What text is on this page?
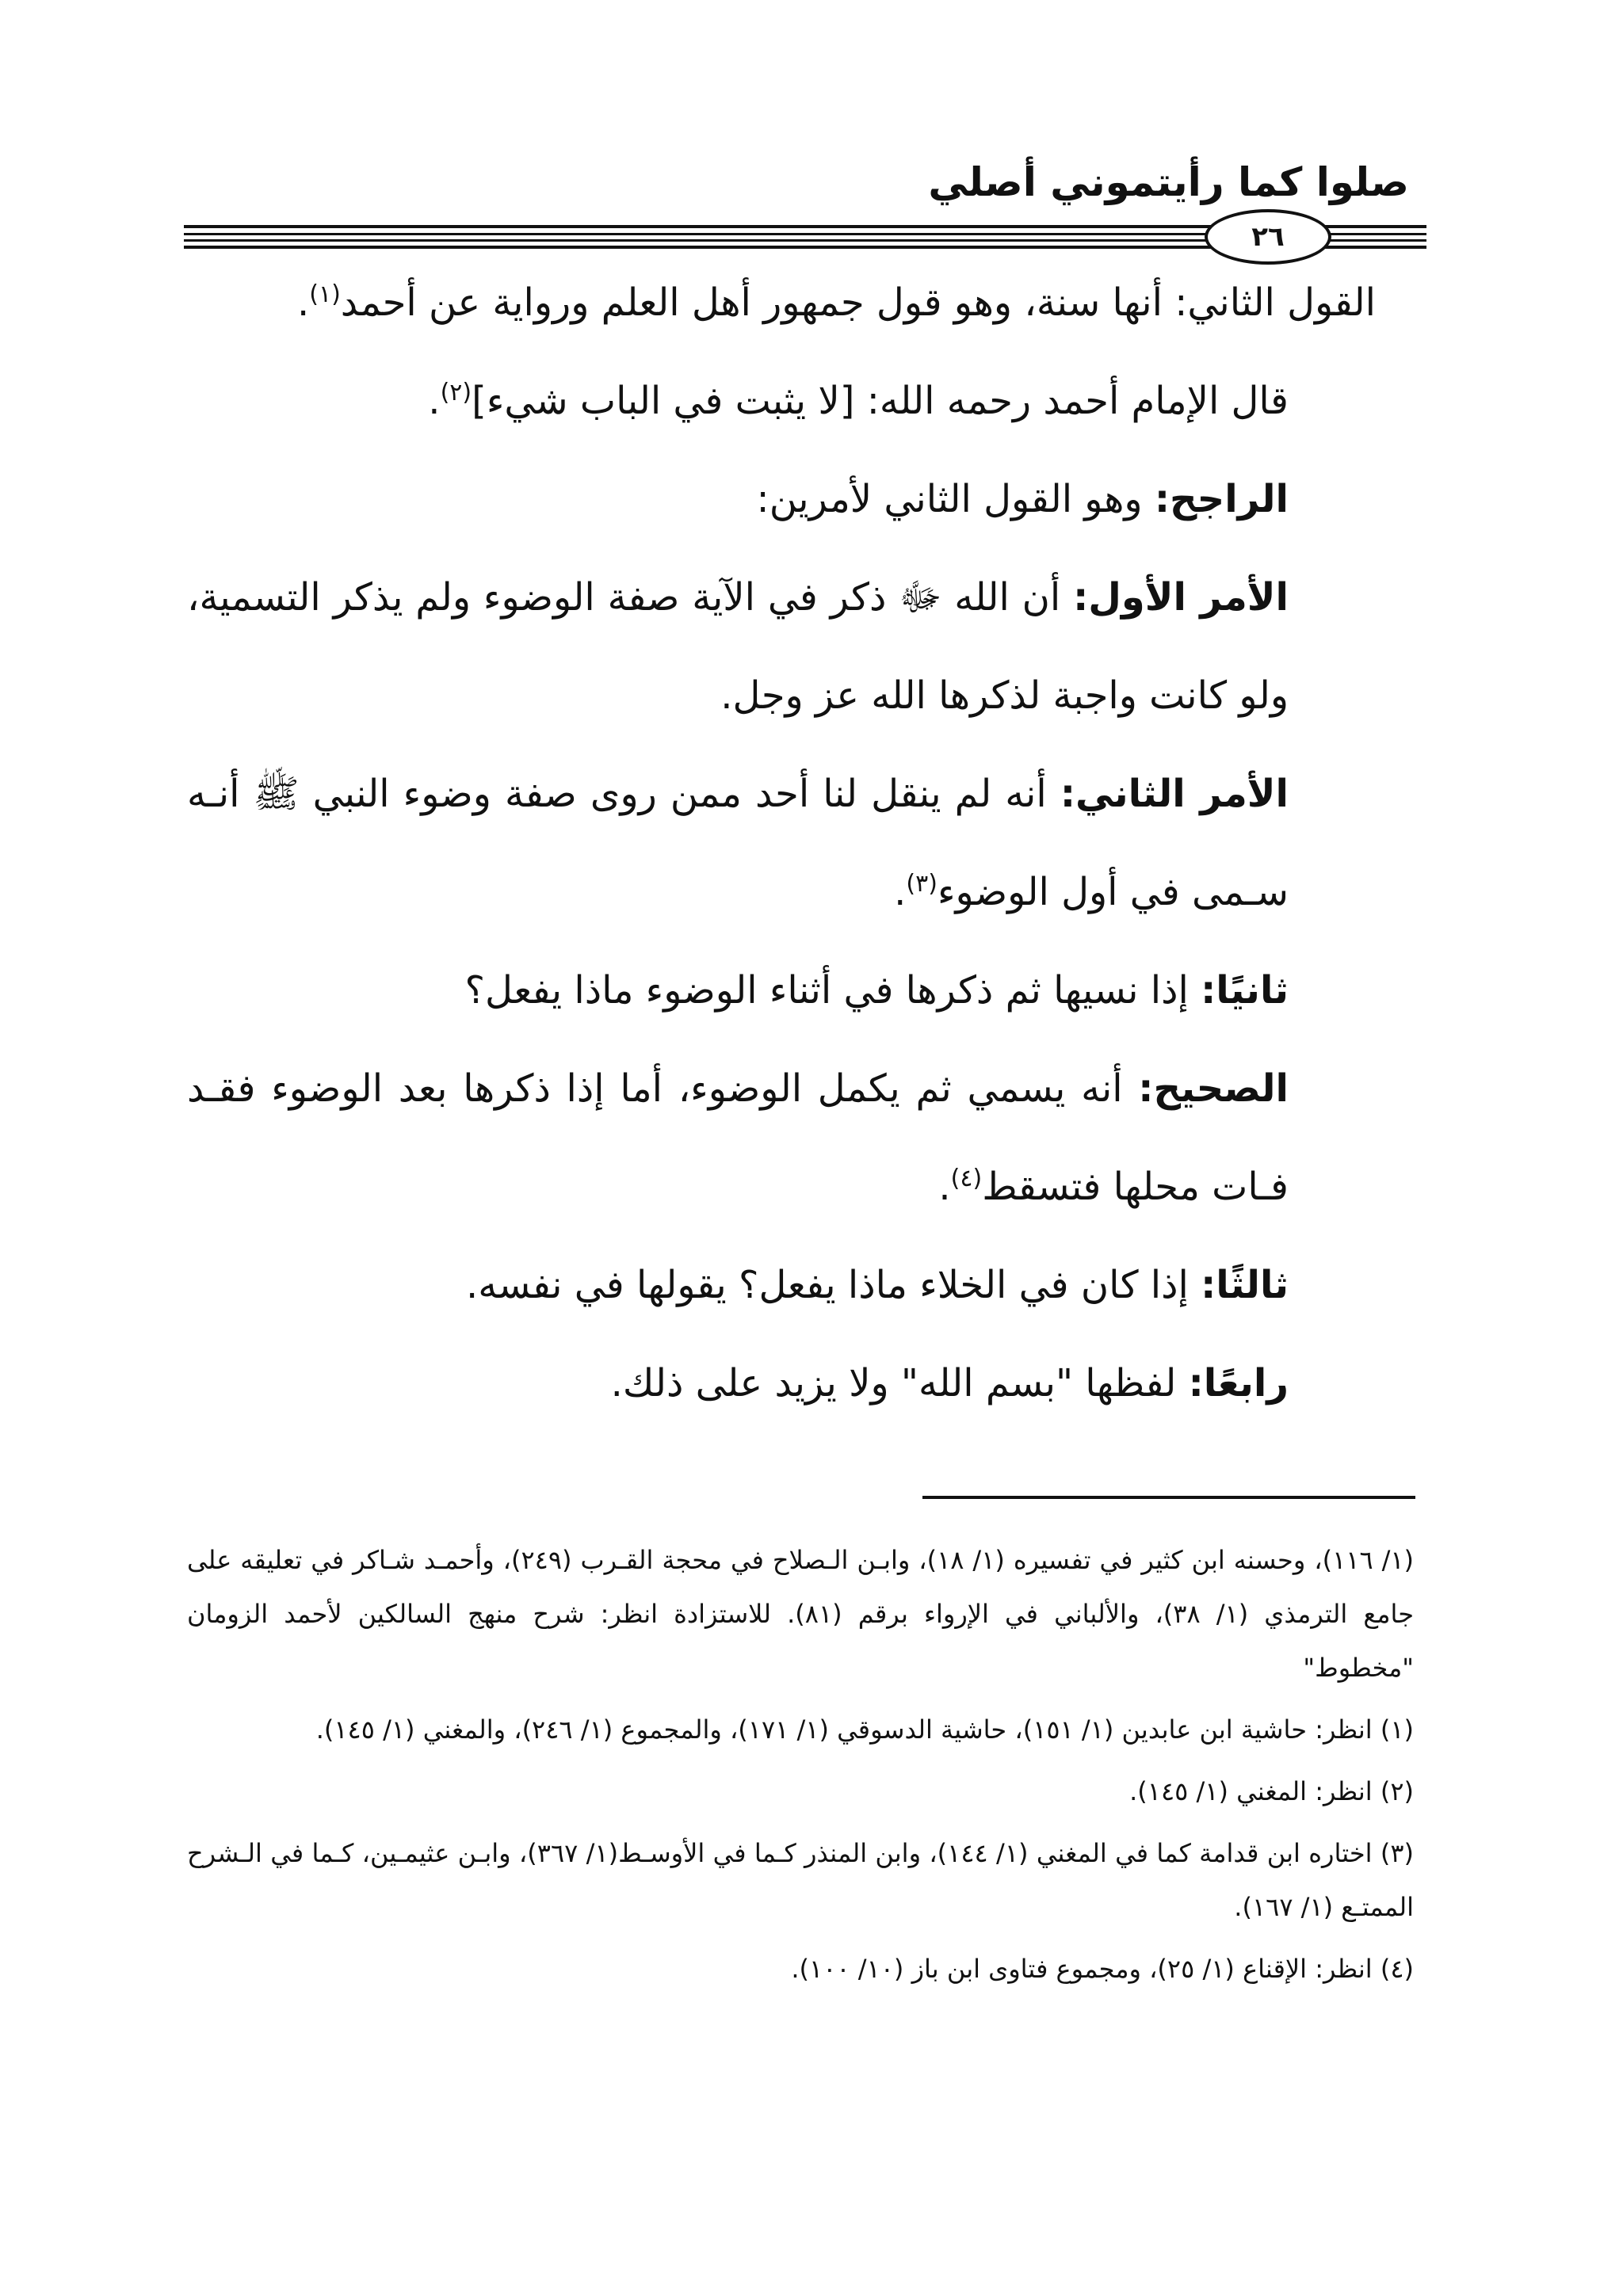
صلوا كما رأيتموني أصلي
٢٦

القول الثاني: أنها سنة، وهو قول جمهور أهل العلم ورواية عن أحمد$^{(١)}$.

قال الإمام أحمد رحمه الله: [لا يثبت في الباب شيء]$^{(٢)}$.

الراجح: وهو القول الثاني لأمرين:

الأمر الأول: أن الله ﷻ ذكر في الآية صفة الوضوء ولم يذكر التسمية، ولو كانت واجبة لذكرها الله عز وجل.

الأمر الثاني: أنه لم ينقل لنا أحد ممن روى صفة وضوء النبي ﷺ أنـه سـمى في أول الوضوء$^{(٣)}$.

ثانيًا: إذا نسيها ثم ذكرها في أثناء الوضوء ماذا يفعل؟

الصحيح: أنه يسمي ثم يكمل الوضوء، أما إذا ذكرها بعد الوضوء فقـد فـات محلها فتسقط$^{(٤)}$.

ثالثًا: إذا كان في الخلاء ماذا يفعل؟ يقولها في نفسه.

رابعًا: لفظها "بسم الله" ولا يزيد على ذلك.

(١/ ١١٦)، وحسنه ابن كثير في تفسيره (١/ ١٨)، وابـن الـصلاح في محجة القـرب (٢٤٩)، وأحمـد شـاكر في تعليقه على جامع الترمذي (١/ ٣٨)، والألباني في الإرواء برقم (٨١). للاستزادة انظر: شرح منهج السالكين لأحمد الزومان "مخطوط"

(١) انظر: حاشية ابن عابدين (١/ ١٥١)، حاشية الدسوقي (١/ ١٧١)، والمجموع (١/ ٢٤٦)، والمغني (١/ ١٤٥).

(٢) انظر: المغني (١/ ١٤٥).

(٣) اختاره ابن قدامة كما في المغني (١/ ١٤٤)، وابن المنذر كـما في الأوسـط(١/ ٣٦٧)، وابـن عثيمـين، كـما في الـشرح الممتـع (١/ ١٦٧).

(٤) انظر: الإقناع (١/ ٢٥)، ومجموع فتاوى ابن باز (١٠/ ١٠٠).
